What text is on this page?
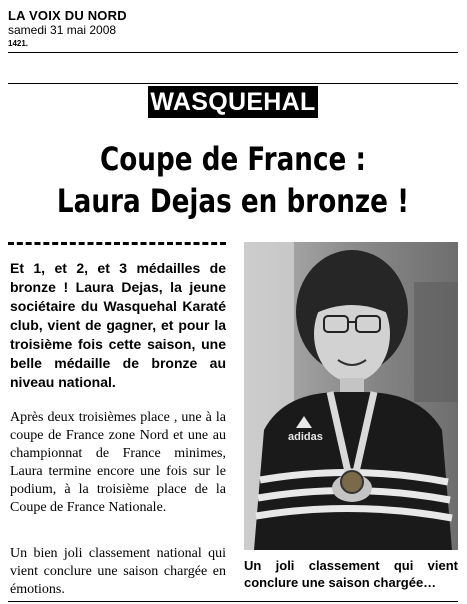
LA VOIX DU NORD
samedi 31 mai 2008
1421.
WASQUEHAL
Coupe de France :
Laura Dejas en bronze !
Et 1, et 2, et 3 médailles de bronze ! Laura Dejas, la jeune sociétaire du Wasquehal Karaté club, vient de gagner, et pour la troisième fois cette saison, une belle médaille de bronze au niveau national.
Après deux troisièmes place , une à la coupe de France zone Nord et une au championnat de France minimes, Laura termine encore une fois sur le podium, à la troisième place de la Coupe de France Nationale.
Un bien joli classement national qui vient conclure une saison chargée en émotions.
adidas
Un joli classement qui vient conclure une saison chargée…
